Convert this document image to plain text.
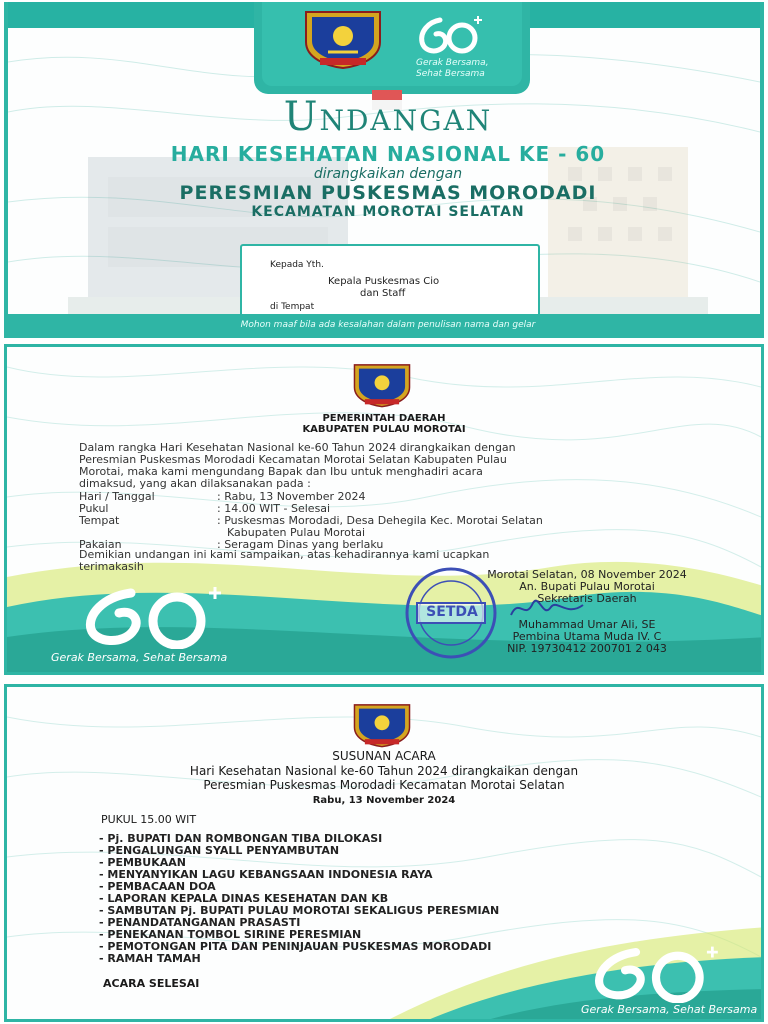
Gerak Bersama,
Sehat Bersama
Undangan
HARI KESEHATAN NASIONAL KE - 60
dirangkaikan dengan
PERESMIAN PUSKESMAS MORODADI
KECAMATAN MOROTAI SELATAN
Kepada Yth.
Kepala Puskesmas Cio
dan Staff
di Tempat
Mohon maaf bila ada kesalahan dalam penulisan nama dan gelar
PEMERINTAH DAERAH
KABUPATEN PULAU MOROTAI
Dalam rangka Hari Kesehatan Nasional ke-60 Tahun 2024 dirangkaikan dengan
Peresmian Puskesmas Morodadi Kecamatan Morotai Selatan Kabupaten Pulau
Morotai, maka kami mengundang Bapak dan Ibu untuk menghadiri acara
dimaksud, yang akan dilaksanakan pada :
Hari / Tanggal	: Rabu, 13 November 2024
Pukul	: 14.00 WIT - Selesai
Tempat	: Puskesmas Morodadi, Desa Dehegila Kec. Morotai Selatan
Kabupaten Pulau Morotai
Pakaian	: Seragam Dinas yang berlaku
Demikian undangan ini kami sampaikan, atas kehadirannya kami ucapkan
terimakasih
Morotai Selatan, 08 November 2024
An. Bupati Pulau Morotai
Sekretaris Daerah
Muhammad Umar Ali, SE
Pembina Utama Muda IV. C
NIP. 19730412 200701 2 043
SETDA
Gerak Bersama, Sehat Bersama
SUSUNAN ACARA
Hari Kesehatan Nasional ke-60 Tahun 2024 dirangkaikan dengan
Peresmian Puskesmas Morodadi Kecamatan Morotai Selatan
Rabu, 13 November 2024
PUKUL 15.00 WIT
- Pj. BUPATI DAN ROMBONGAN TIBA DILOKASI
- PENGALUNGAN SYALL PENYAMBUTAN
- PEMBUKAAN
- MENYANYIKAN LAGU KEBANGSAAN INDONESIA RAYA
- PEMBACAAN DOA
- LAPORAN KEPALA DINAS KESEHATAN DAN KB
- SAMBUTAN Pj. BUPATI PULAU MOROTAI SEKALIGUS PERESMIAN
- PENANDATANGANAN PRASASTI
- PENEKANAN TOMBOL SIRINE PERESMIAN
- PEMOTONGAN PITA DAN PENINJAUAN PUSKESMAS MORODADI
- RAMAH TAMAH
ACARA SELESAI
Gerak Bersama, Sehat Bersama
